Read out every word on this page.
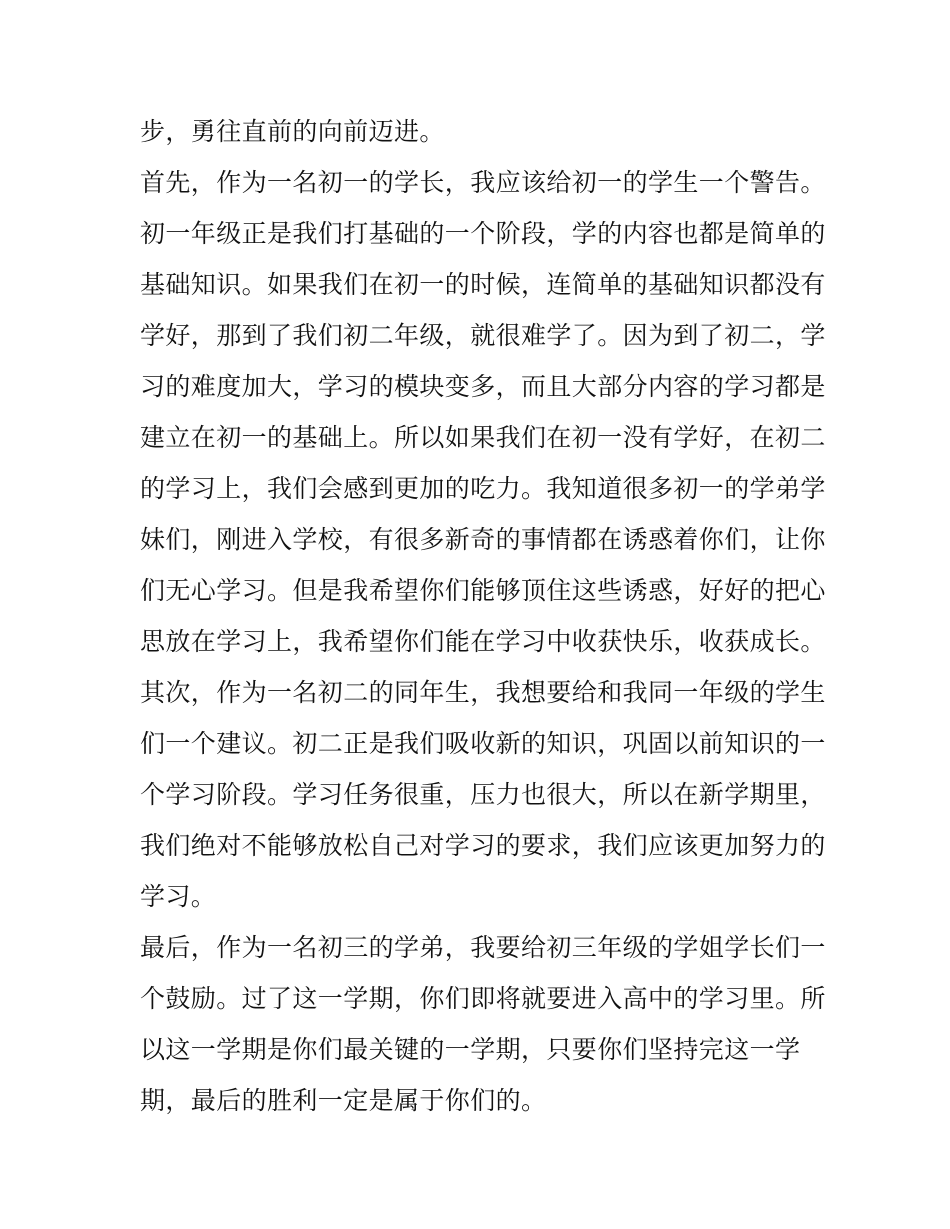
步，勇往直前的向前迈进。
首先，作为一名初一的学长，我应该给初一的学生一个警告。
初一年级正是我们打基础的一个阶段，学的内容也都是简单的
基础知识。如果我们在初一的时候，连简单的基础知识都没有
学好，那到了我们初二年级，就很难学了。因为到了初二，学
习的难度加大，学习的模块变多，而且大部分内容的学习都是
建立在初一的基础上。所以如果我们在初一没有学好，在初二
的学习上，我们会感到更加的吃力。我知道很多初一的学弟学
妹们，刚进入学校，有很多新奇的事情都在诱惑着你们，让你
们无心学习。但是我希望你们能够顶住这些诱惑，好好的把心
思放在学习上，我希望你们能在学习中收获快乐，收获成长。
其次，作为一名初二的同年生，我想要给和我同一年级的学生
们一个建议。初二正是我们吸收新的知识，巩固以前知识的一
个学习阶段。学习任务很重，压力也很大，所以在新学期里，
我们绝对不能够放松自己对学习的要求，我们应该更加努力的
学习。
最后，作为一名初三的学弟，我要给初三年级的学姐学长们一
个鼓励。过了这一学期，你们即将就要进入高中的学习里。所
以这一学期是你们最关键的一学期，只要你们坚持完这一学
期，最后的胜利一定是属于你们的。
